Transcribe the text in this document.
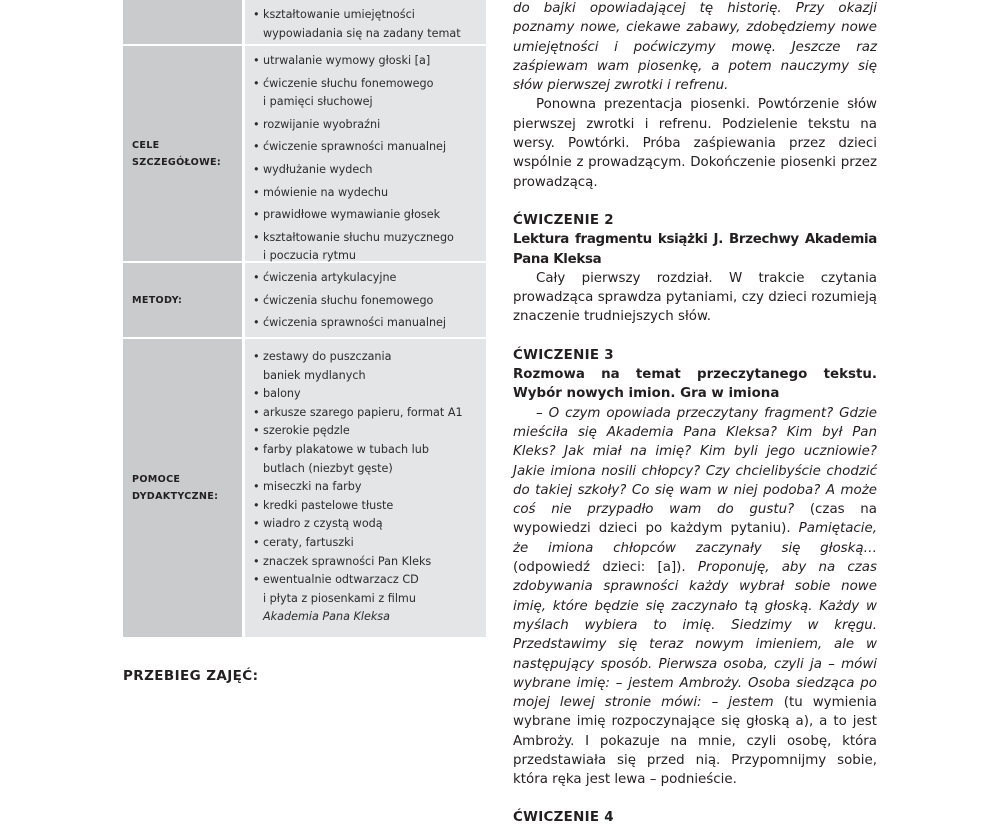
• kształtowanie umiejętności
wypowiadania się na zadany temat
CELE
SZCZEGÓŁOWE:
• utrwalanie wymowy głoski [a]
• ćwiczenie słuchu fonemowego
i pamięci słuchowej
• rozwijanie wyobraźni
• ćwiczenie sprawności manualnej
• wydłużanie wydech
• mówienie na wydechu
• prawidłowe wymawianie głosek
• kształtowanie słuchu muzycznego
i poczucia rytmu
METODY:
• ćwiczenia artykulacyjne
• ćwiczenia słuchu fonemowego
• ćwiczenia sprawności manualnej
POMOCE
DYDAKTYCZNE:
• zestawy do puszczania
baniek mydlanych
• balony
• arkusze szarego papieru, format A1
• szerokie pędzle
• farby plakatowe w tubach lub
butlach (niezbyt gęste)
• miseczki na farby
• kredki pastelowe tłuste
• wiadro z czystą wodą
• ceraty, fartuszki
• znaczek sprawności Pan Kleks
• ewentualnie odtwarzacz CD
i płyta z piosenkami z filmu
Akademia Pana Kleksa
PRZEBIEG ZAJĘĆ:

do bajki opowiadającej tę historię. Przy okazji poznamy nowe, ciekawe zabawy, zdobędziemy nowe umiejętności i poćwiczymy mowę. Jeszcze raz zaśpiewam wam piosenkę, a potem nauczymy się słów pierwszej zwrotki i refrenu.

Ponowna prezentacja piosenki. Powtórzenie słów pierwszej zwrotki i refrenu. Podzielenie tekstu na wersy. Powtórki. Próba zaśpiewania przez dzieci wspólnie z prowadzącym. Dokończenie piosenki przez prowadzącą.

ĆWICZENIE 2

Lektura fragmentu książki J. Brzechwy Akademia Pana Kleksa

Cały pierwszy rozdział. W trakcie czytania prowadząca sprawdza pytaniami, czy dzieci rozumieją znaczenie trudniejszych słów.

ĆWICZENIE 3

Rozmowa na temat przeczytanego tekstu. Wybór nowych imion. Gra w imiona

– O czym opowiada przeczytany fragment? Gdzie mieściła się Akademia Pana Kleksa? Kim był Pan Kleks? Jak miał na imię? Kim byli jego uczniowie? Jakie imiona nosili chłopcy? Czy chcielibyście chodzić do takiej szkoły? Co się wam w niej podoba? A może coś nie przypadło wam do gustu? (czas na wypowiedzi dzieci po każdym pytaniu). Pamiętacie, że imiona chłopców zaczynały się głoską… (odpowiedź dzieci: [a]). Proponuję, aby na czas zdobywania sprawności każdy wybrał sobie nowe imię, które będzie się zaczynało tą głoską. Każdy w myślach wybiera to imię. Siedzimy w kręgu. Przedstawimy się teraz nowym imieniem, ale w następujący sposób. Pierwsza osoba, czyli ja – mówi wybrane imię: – jestem Ambroży. Osoba siedząca po mojej lewej stronie mówi: – jestem (tu wymienia wybrane imię rozpoczynające się głoską a), a to jest Ambroży. I pokazuje na mnie, czyli osobę, która przedstawiała się przed nią. Przypomnijmy sobie, która ręka jest lewa – podnieście.

ĆWICZENIE 4
